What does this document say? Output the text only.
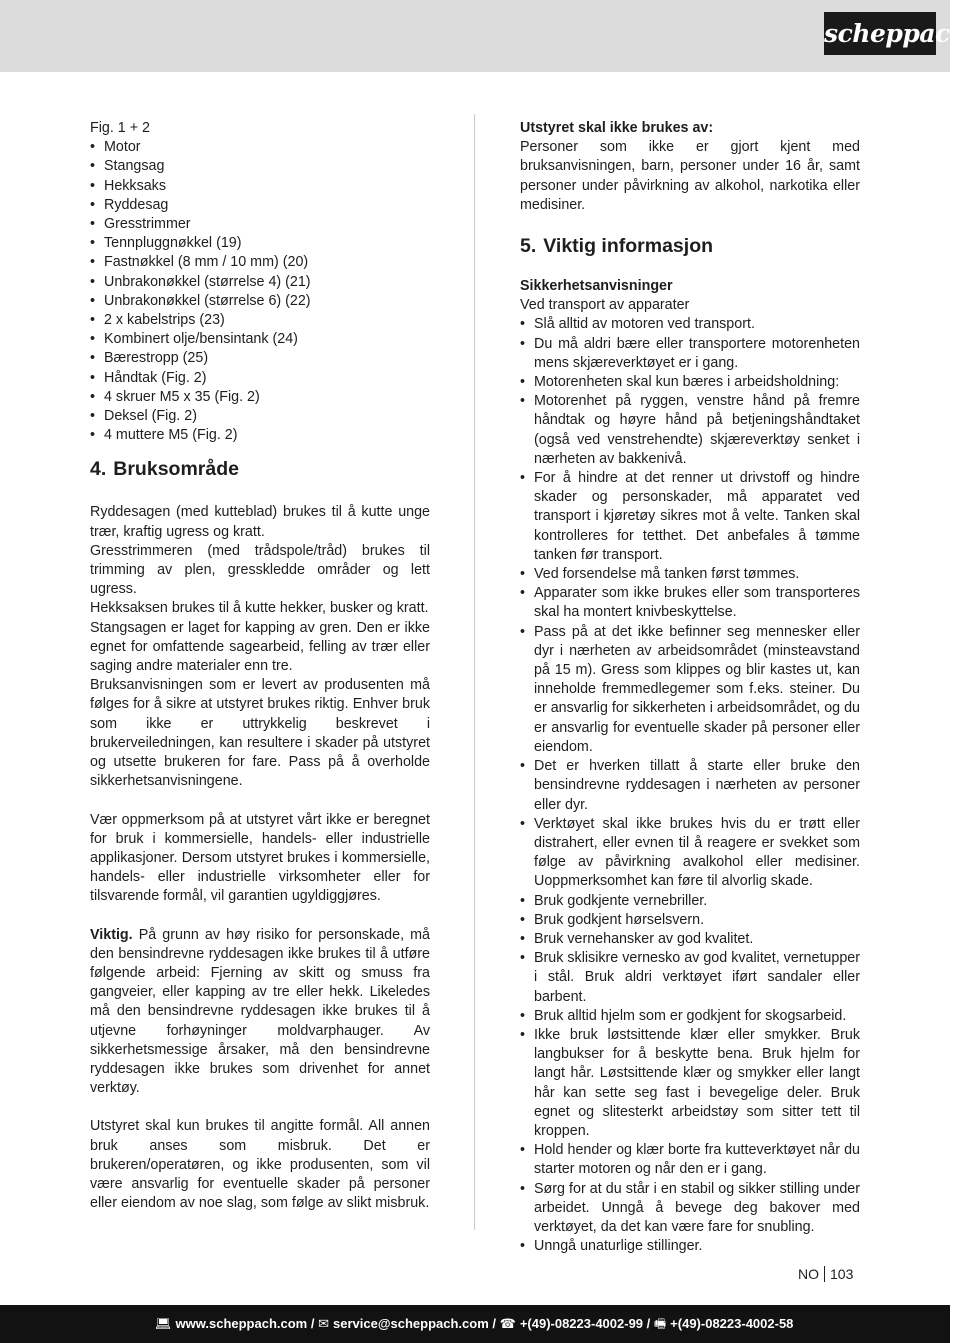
scheppach

Fig. 1 + 2

• Motor
• Stangsag
• Hekksaks
• Ryddesag
• Gresstrimmer
• Tennpluggnøkkel (19)
• Fastnøkkel (8 mm / 10 mm) (20)
• Unbrakonøkkel (størrelse 4) (21)
• Unbrakonøkkel (størrelse 6) (22)
• 2 x kabelstrips (23)
• Kombinert olje/bensintank (24)
• Bærestropp (25)
• Håndtak (Fig. 2)
• 4 skruer M5 x 35 (Fig. 2)
• Deksel (Fig. 2)
• 4 muttere M5 (Fig. 2)
4. Bruksområde

Ryddesagen (med kutteblad) brukes til å kutte unge trær, kraftig ugress og kratt.

Gresstrimmeren (med trådspole/tråd) brukes til trimming av plen, gresskledde områder og lett ugress.

Hekksaksen brukes til å kutte hekker, busker og kratt.

Stangsagen er laget for kapping av gren. Den er ikke egnet for omfattende sagearbeid, felling av trær eller saging andre materialer enn tre.

Bruksanvisningen som er levert av produsenten må følges for å sikre at utstyret brukes riktig. Enhver bruk som ikke er uttrykkelig beskrevet i brukerveiledningen, kan resultere i skader på utstyret og utsette brukeren for fare. Pass på å overholde sikkerhetsanvisningene.

Vær oppmerksom på at utstyret vårt ikke er beregnet for bruk i kommersielle, handels- eller industrielle applikasjoner. Dersom utstyret brukes i kommersielle, handels- eller industrielle virksomheter eller for tilsvarende formål, vil garantien ugyldiggjøres.

Viktig. På grunn av høy risiko for personskade, må den bensindrevne ryddesagen ikke brukes til å utføre følgende arbeid: Fjerning av skitt og smuss fra gangveier, eller kapping av tre eller hekk. Likeledes må den bensindrevne ryddesagen ikke brukes til å utjevne forhøyninger moldvarphauger. Av sikkerhetsmessige årsaker, må den bensindrevne ryddesagen ikke brukes som drivenhet for annet verktøy.

Utstyret skal kun brukes til angitte formål. All annen bruk anses som misbruk. Det er brukeren/operatøren, og ikke produsenten, som vil være ansvarlig for eventuelle skader på personer eller eiendom av noe slag, som følge av slikt misbruk.

Utstyret skal ikke brukes av:

Personer som ikke er gjort kjent med bruksanvisningen, barn, personer under 16 år, samt personer under påvirkning av alkohol, narkotika eller medisiner.

5. Viktig informasjon

Sikkerhetsanvisninger

Ved transport av apparater

• Slå alltid av motoren ved transport.
• Du må aldri bære eller transportere motorenheten mens skjæreverktøyet er i gang.
• Motorenheten skal kun bæres i arbeidsholdning:
• Motorenhet på ryggen, venstre hånd på fremre håndtak og høyre hånd på betjeningshåndtaket (også ved venstrehendte) skjæreverktøy senket i nærheten av bakkenivå.
• For å hindre at det renner ut drivstoff og hindre skader og personskader, må apparatet ved transport i kjøretøy sikres mot å velte. Tanken skal kontrolleres for tetthet. Det anbefales å tømme tanken før transport.
• Ved forsendelse må tanken først tømmes.
• Apparater som ikke brukes eller som transporteres skal ha montert knivbeskyttelse.
• Pass på at det ikke befinner seg mennesker eller dyr i nærheten av arbeidsområdet (minsteavstand på 15 m). Gress som klippes og blir kastes ut, kan inneholde fremmedlegemer som f.eks. steiner. Du er ansvarlig for sikkerheten i arbeidsområdet, og du er ansvarlig for eventuelle skader på personer eller eiendom.
• Det er hverken tillatt å starte eller bruke den bensindrevne ryddesagen i nærheten av personer eller dyr.
• Verktøyet skal ikke brukes hvis du er trøtt eller distrahert, eller evnen til å reagere er svekket som følge av påvirkning avalkohol eller medisiner. Uoppmerksomhet kan føre til alvorlig skade.
• Bruk godkjente vernebriller.
• Bruk godkjent hørselsvern.
• Bruk vernehansker av god kvalitet.
• Bruk sklisikre vernesko av god kvalitet, vernetupper i stål. Bruk aldri verktøyet iført sandaler eller barbent.
• Bruk alltid hjelm som er godkjent for skogsarbeid.
• Ikke bruk løstsittende klær eller smykker. Bruk langbukser for å beskytte bena. Bruk hjelm for langt hår. Løstsittende klær og smykker eller langt hår kan sette seg fast i bevegelige deler. Bruk egnet og slitesterkt arbeidstøy som sitter tett til kroppen.
• Hold hender og klær borte fra kutteverktøyet når du starter motoren og når den er i gang.
• Sørg for at du står i en stabil og sikker stilling under arbeidet. Unngå å bevege deg bakover med verktøyet, da det kan være fare for snubling.
• Unngå unaturlige stillinger.
NO 103
💻︎ www.scheppach.com / ✉︎ service@scheppach.com / ☎︎ +(49)-08223-4002-99 / 🖷︎ +(49)-08223-4002-58
